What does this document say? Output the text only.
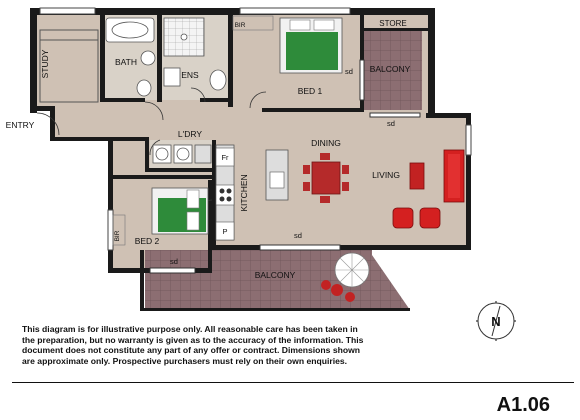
STUDY	BATH
ENS
BIR
BED 1
STORE
BALCONY
ENTRY
L'DRY
DINING
LIVING
KITCHEN
Fr
P
BED 2
BIR
BALCONY
sd
sd
sd
sd
N

This diagram is for illustrative purpose only. All reasonable care has been taken in the preparation, but no warranty is given as to the accuracy of the information. This document does not constitute any part of any offer or contract. Dimensions shown are approximate only. Prospective purchasers must rely on their own enquiries.

A1.06
